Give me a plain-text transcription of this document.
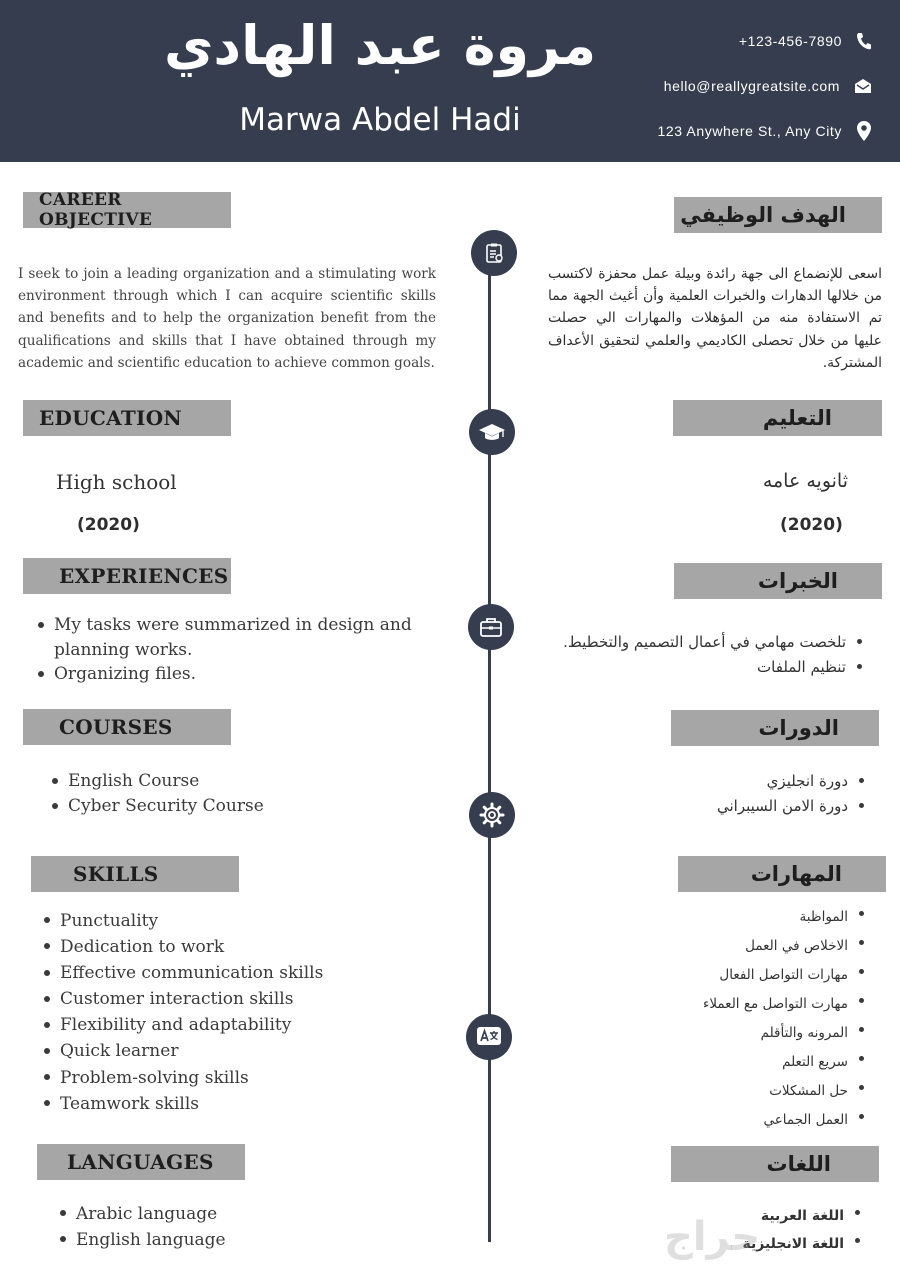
مروة عبد الهادي
Marwa Abdel Hadi
+123-456-7890
hello@reallygreatsite.com
123 Anywhere St., Any City
CAREER OBJECTIVE	الهدف الوظيفي
I seek to join a leading organization and a stimulating work environment through which I can acquire scientific skills and benefits and to help the organization benefit from the qualifications and skills that I have obtained through my academic and scientific education to achieve common goals.
اسعى للإنضماع الى جهة رائدة وبيلة عمل محفزة لاكتسب من خلالها الدهارات والخبرات العلمية وأن أغيث الجهة مما تم الاستفادة منه من المؤهلات والمهارات الي حصلت عليها من خلال تحصلى الكاديمي والعلمي لتحقيق الأعداف المشتركة.
EDUCATION	التعليم
High school	ثانويه عامه
(2020)	(2020)
EXPERIENCES	الخبرات
My tasks were summarized in design and planning works.
Organizing files.
تلخصت مهامي في أعمال التصميم والتخطيط.
تنظيم الملفات
COURSES	الدورات
English Course
Cyber Security Course
دورة انجليزي
دورة الامن السيبراني
SKILLS	المهارات
Punctuality
Dedication to work
Effective communication skills
Customer interaction skills
Flexibility and adaptability
Quick learner
Problem-solving skills
Teamwork skills
المواظبة
الاخلاص في العمل
مهارات التواصل الفعال
مهارت التواصل مع العملاء
المرونه والتأقلم
سريع التعلم
حل المشكلات
العمل الجماعي
LANGUAGES	اللغات
Arabic language
English language
اللغة العربية
اللغة الانجليزية
حراج
